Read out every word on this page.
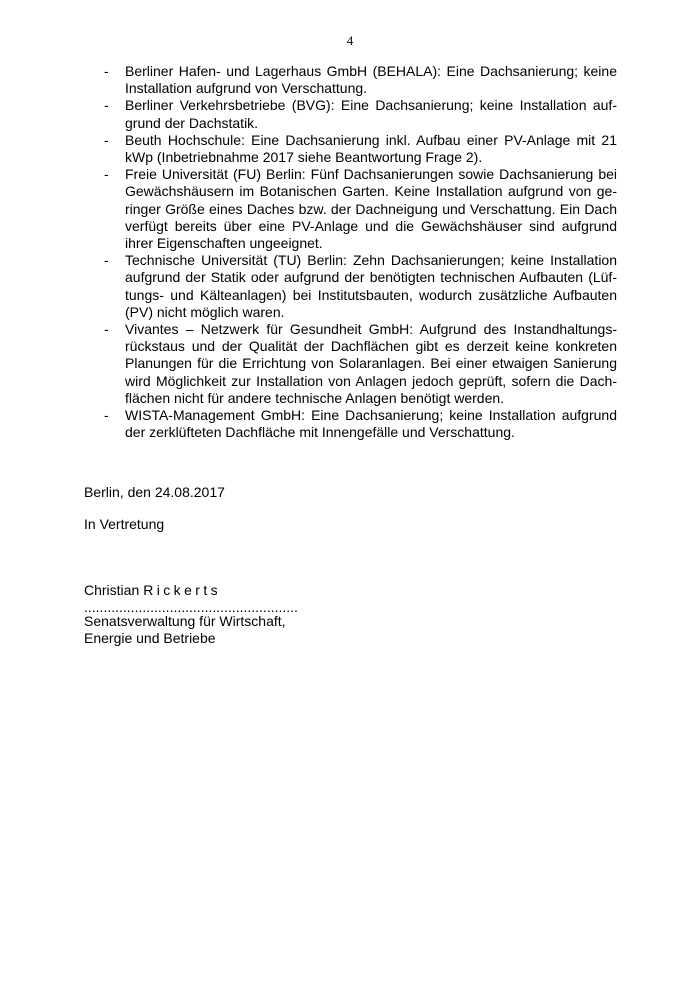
4
- Berliner Hafen- und Lagerhaus GmbH (BEHALA): Eine Dachsanierung; keine Installation aufgrund von Verschattung.
- Berliner Verkehrsbetriebe (BVG): Eine Dachsanierung; keine Installation aufgrund der Dachstatik.
- Beuth Hochschule: Eine Dachsanierung inkl. Aufbau einer PV-Anlage mit 21 kWp (Inbetriebnahme 2017 siehe Beantwortung Frage 2).
- Freie Universität (FU) Berlin: Fünf Dachsanierungen sowie Dachsanierung bei Gewächshäusern im Botanischen Garten. Keine Installation aufgrund von geringer Größe eines Daches bzw. der Dachneigung und Verschattung. Ein Dach verfügt bereits über eine PV-Anlage und die Gewächshäuser sind aufgrund ihrer Eigenschaften ungeeignet.
- Technische Universität (TU) Berlin: Zehn Dachsanierungen; keine Installation aufgrund der Statik oder aufgrund der benötigten technischen Aufbauten (Lüftungs- und Kälteanlagen) bei Institutsbauten, wodurch zusätzliche Aufbauten (PV) nicht möglich waren.
- Vivantes – Netzwerk für Gesundheit GmbH: Aufgrund des Instandhaltungsrückstaus und der Qualität der Dachflächen gibt es derzeit keine konkreten Planungen für die Errichtung von Solaranlagen. Bei einer etwaigen Sanierung wird Möglichkeit zur Installation von Anlagen jedoch geprüft, sofern die Dachflächen nicht für andere technische Anlagen benötigt werden.
- WISTA-Management GmbH: Eine Dachsanierung; keine Installation aufgrund der zerklüfteten Dachfläche mit Innengefälle und Verschattung.

Berlin, den 24.08.2017

In Vertretung

Christian Rickerts

.......................................................

Senatsverwaltung für Wirtschaft,

Energie und Betriebe
